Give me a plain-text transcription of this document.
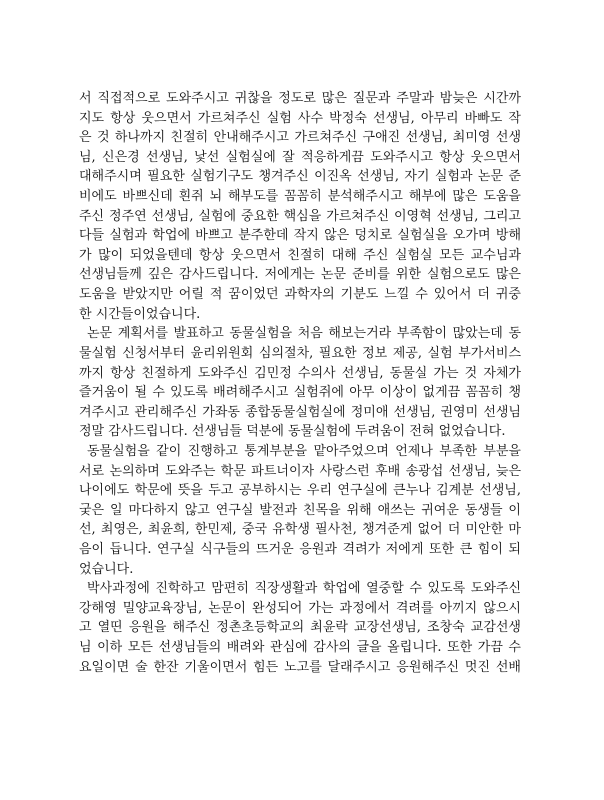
서 직접적으로 도와주시고 귀찮을 정도로 많은 질문과 주말과 밤늦은 시간까
지도 항상 웃으면서 가르쳐주신 실험 사수 박정숙 선생님, 아무리 바빠도 작
은 것 하나까지 친절히 안내해주시고 가르쳐주신 구애진 선생님, 최미영 선생
님, 신은경 선생님, 낯선 실험실에 잘 적응하게끔 도와주시고 항상 웃으면서
대해주시며 필요한 실험기구도 챙겨주신 이진옥 선생님, 자기 실험과 논문 준
비에도 바쁘신데 흰쥐 뇌 해부도를 꼼꼼히 분석해주시고 해부에 많은 도움을
주신 정주연 선생님, 실험에 중요한 핵심을 가르쳐주신 이영혁 선생님, 그리고
다들 실험과 학업에 바쁘고 분주한데 작지 않은 덩치로 실험실을 오가며 방해
가 많이 되었을텐데 항상 웃으면서 친절히 대해 주신 실험실 모든 교수님과
선생님들께 깊은 감사드립니다. 저에게는 논문 준비를 위한 실험으로도 많은
도움을 받았지만 어릴 적 꿈이었던 과학자의 기분도 느낄 수 있어서 더 귀중
한 시간들이었습니다.
논문 계획서를 발표하고 동물실험을 처음 해보는거라 부족함이 많았는데 동
물실험 신청서부터 윤리위원회 심의절차, 필요한 정보 제공, 실험 부가서비스
까지 항상 친절하게 도와주신 김민정 수의사 선생님, 동물실 가는 것 자체가
즐거움이 될 수 있도록 배려해주시고 실험쥐에 아무 이상이 없게끔 꼼꼼히 챙
겨주시고 관리해주신 가좌동 종합동물실험실에 정미애 선생님, 권영미 선생님
정말 감사드립니다. 선생님들 덕분에 동물실험에 두려움이 전혀 없었습니다.
동물실험을 같이 진행하고 통계부분을 맡아주었으며 언제나 부족한 부분을
서로 논의하며 도와주는 학문 파트너이자 사랑스런 후배 송광섭 선생님, 늦은
나이에도 학문에 뜻을 두고 공부하시는 우리 연구실에 큰누나 김계분 선생님,
궂은 일 마다하지 않고 연구실 발전과 친목을 위해 애쓰는 귀여운 동생들 이
선, 최영은, 최윤희, 한민제, 중국 유학생 필사천, 챙겨준게 없어 더 미안한 마
음이 듭니다. 연구실 식구들의 뜨거운 응원과 격려가 저에게 또한 큰 힘이 되
었습니다.
박사과정에 진학하고 맘편히 직장생활과 학업에 열중할 수 있도록 도와주신
강해영 밀양교육장님, 논문이 완성되어 가는 과정에서 격려를 아끼지 않으시
고 열띤 응원을 해주신 정촌초등학교의 최윤락 교장선생님, 조창숙 교감선생
님 이하 모든 선생님들의 배려와 관심에 감사의 글을 올립니다. 또한 가끔 수
요일이면 술 한잔 기울이면서 힘든 노고를 달래주시고 응원해주신 멋진 선배
